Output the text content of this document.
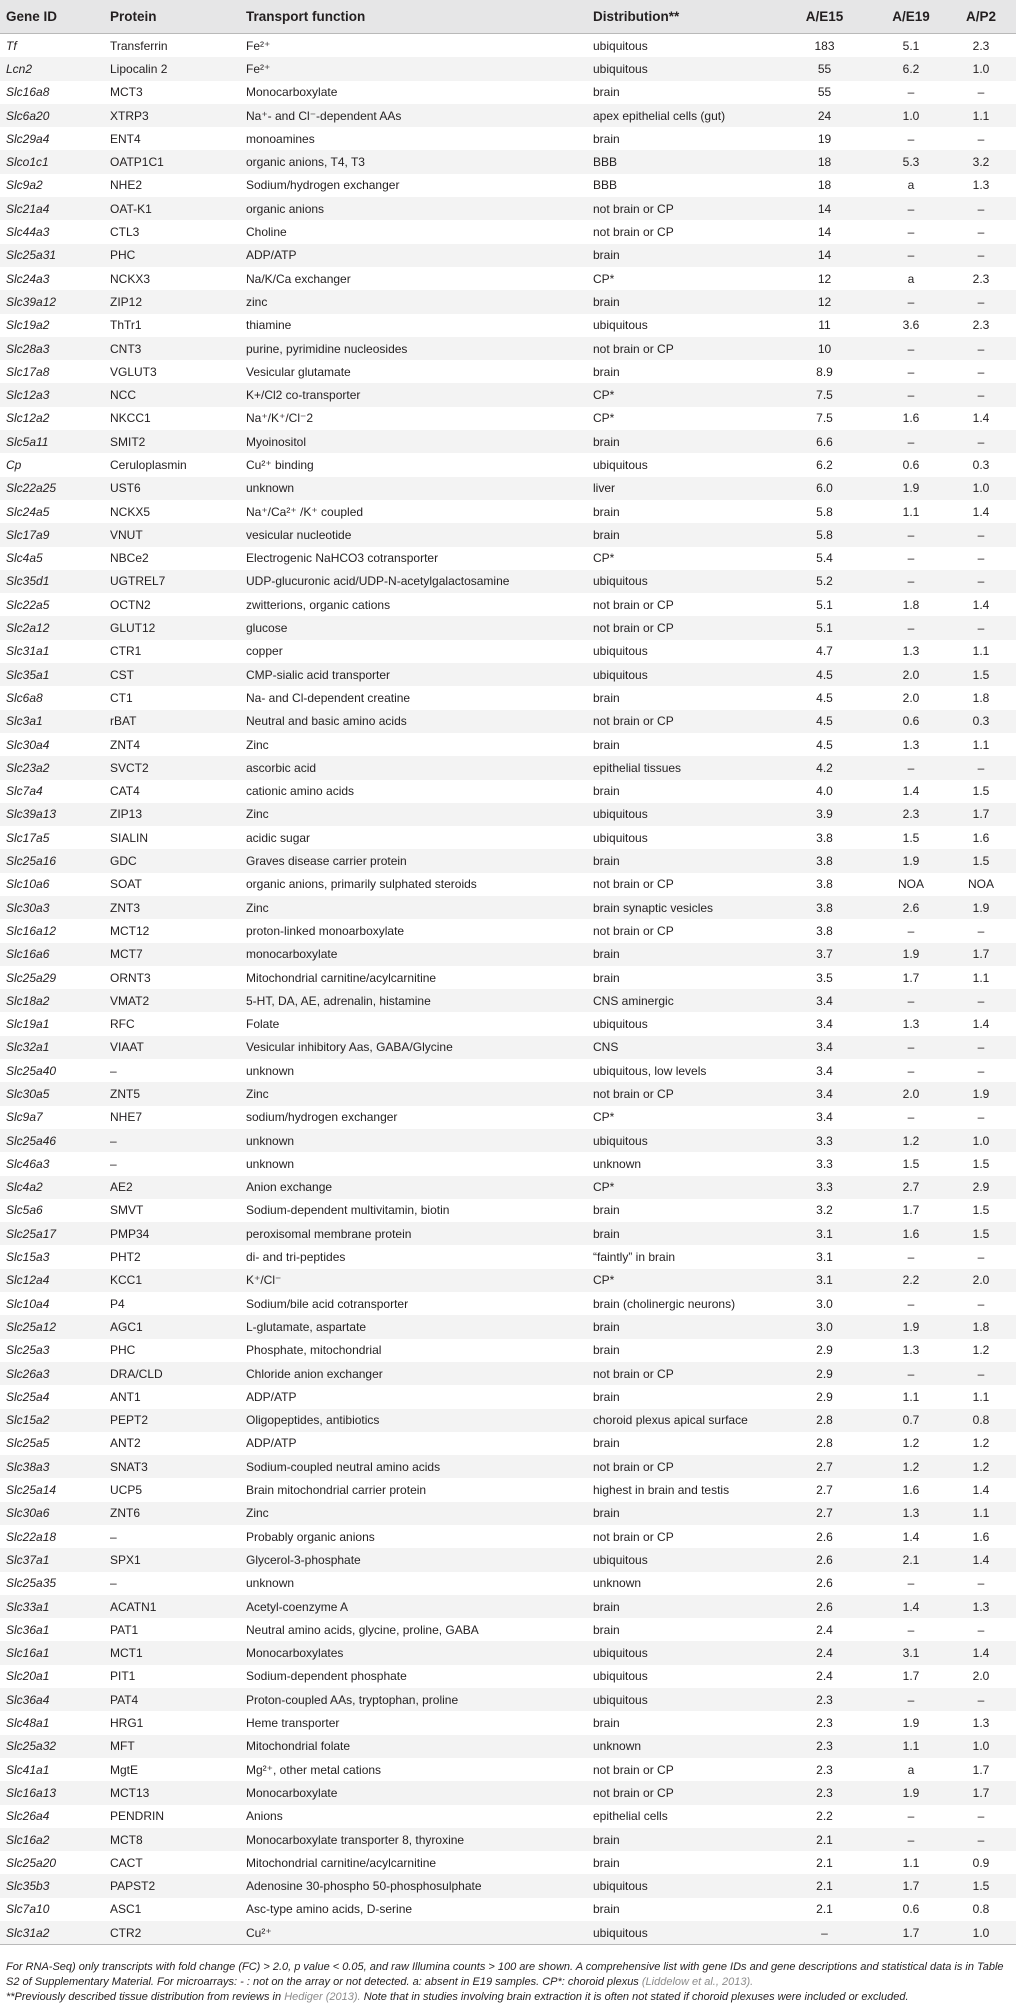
Gene ID	Protein	Transport function	Distribution**	A/E15	A/E19	A/P2
Tf	Transferrin	Fe²⁺	ubiquitous	183	5.1	2.3
Lcn2	Lipocalin 2	Fe²⁺	ubiquitous	55	6.2	1.0
Slc16a8	MCT3	Monocarboxylate	brain	55	–	–
Slc6a20	XTRP3	Na⁺- and Cl⁻-dependent AAs	apex epithelial cells (gut)	24	1.0	1.1
Slc29a4	ENT4	monoamines	brain	19	–	–
Slco1c1	OATP1C1	organic anions, T4, T3	BBB	18	5.3	3.2
Slc9a2	NHE2	Sodium/hydrogen exchanger	BBB	18	a	1.3
Slc21a4	OAT-K1	organic anions	not brain or CP	14	–	–
Slc44a3	CTL3	Choline	not brain or CP	14	–	–
Slc25a31	PHC	ADP/ATP	brain	14	–	–
Slc24a3	NCKX3	Na/K/Ca exchanger	CP*	12	a	2.3
Slc39a12	ZIP12	zinc	brain	12	–	–
Slc19a2	ThTr1	thiamine	ubiquitous	11	3.6	2.3
Slc28a3	CNT3	purine, pyrimidine nucleosides	not brain or CP	10	–	–
Slc17a8	VGLUT3	Vesicular glutamate	brain	8.9	–	–
Slc12a3	NCC	K+/Cl2 co-transporter	CP*	7.5	–	–
Slc12a2	NKCC1	Na⁺/K⁺/Cl⁻2	CP*	7.5	1.6	1.4
Slc5a11	SMIT2	Myoinositol	brain	6.6	–	–
Cp	Ceruloplasmin	Cu²⁺ binding	ubiquitous	6.2	0.6	0.3
Slc22a25	UST6	unknown	liver	6.0	1.9	1.0
Slc24a5	NCKX5	Na⁺/Ca²⁺ /K⁺ coupled	brain	5.8	1.1	1.4
Slc17a9	VNUT	vesicular nucleotide	brain	5.8	–	–
Slc4a5	NBCe2	Electrogenic NaHCO3 cotransporter	CP*	5.4	–	–
Slc35d1	UGTREL7	UDP-glucuronic acid/UDP-N-acetylgalactosamine	ubiquitous	5.2	–	–
Slc22a5	OCTN2	zwitterions, organic cations	not brain or CP	5.1	1.8	1.4
Slc2a12	GLUT12	glucose	not brain or CP	5.1	–	–
Slc31a1	CTR1	copper	ubiquitous	4.7	1.3	1.1
Slc35a1	CST	CMP-sialic acid transporter	ubiquitous	4.5	2.0	1.5
Slc6a8	CT1	Na- and Cl-dependent creatine	brain	4.5	2.0	1.8
Slc3a1	rBAT	Neutral and basic amino acids	not brain or CP	4.5	0.6	0.3
Slc30a4	ZNT4	Zinc	brain	4.5	1.3	1.1
Slc23a2	SVCT2	ascorbic acid	epithelial tissues	4.2	–	–
Slc7a4	CAT4	cationic amino acids	brain	4.0	1.4	1.5
Slc39a13	ZIP13	Zinc	ubiquitous	3.9	2.3	1.7
Slc17a5	SIALIN	acidic sugar	ubiquitous	3.8	1.5	1.6
Slc25a16	GDC	Graves disease carrier protein	brain	3.8	1.9	1.5
Slc10a6	SOAT	organic anions, primarily sulphated steroids	not brain or CP	3.8	NOA	NOA
Slc30a3	ZNT3	Zinc	brain synaptic vesicles	3.8	2.6	1.9
Slc16a12	MCT12	proton-linked monoarboxylate	not brain or CP	3.8	–	–
Slc16a6	MCT7	monocarboxylate	brain	3.7	1.9	1.7
Slc25a29	ORNT3	Mitochondrial carnitine/acylcarnitine	brain	3.5	1.7	1.1
Slc18a2	VMAT2	5-HT, DA, AE, adrenalin, histamine	CNS aminergic	3.4	–	–
Slc19a1	RFC	Folate	ubiquitous	3.4	1.3	1.4
Slc32a1	VIAAT	Vesicular inhibitory Aas, GABA/Glycine	CNS	3.4	–	–
Slc25a40	–	unknown	ubiquitous, low levels	3.4	–	–
Slc30a5	ZNT5	Zinc	not brain or CP	3.4	2.0	1.9
Slc9a7	NHE7	sodium/hydrogen exchanger	CP*	3.4	–	–
Slc25a46	–	unknown	ubiquitous	3.3	1.2	1.0
Slc46a3	–	unknown	unknown	3.3	1.5	1.5
Slc4a2	AE2	Anion exchange	CP*	3.3	2.7	2.9
Slc5a6	SMVT	Sodium-dependent multivitamin, biotin	brain	3.2	1.7	1.5
Slc25a17	PMP34	peroxisomal membrane protein	brain	3.1	1.6	1.5
Slc15a3	PHT2	di- and tri-peptides	“faintly” in brain	3.1	–	–
Slc12a4	KCC1	K⁺/Cl⁻	CP*	3.1	2.2	2.0
Slc10a4	P4	Sodium/bile acid cotransporter	brain (cholinergic neurons)	3.0	–	–
Slc25a12	AGC1	L-glutamate, aspartate	brain	3.0	1.9	1.8
Slc25a3	PHC	Phosphate, mitochondrial	brain	2.9	1.3	1.2
Slc26a3	DRA/CLD	Chloride anion exchanger	not brain or CP	2.9	–	–
Slc25a4	ANT1	ADP/ATP	brain	2.9	1.1	1.1
Slc15a2	PEPT2	Oligopeptides, antibiotics	choroid plexus apical surface	2.8	0.7	0.8
Slc25a5	ANT2	ADP/ATP	brain	2.8	1.2	1.2
Slc38a3	SNAT3	Sodium-coupled neutral amino acids	not brain or CP	2.7	1.2	1.2
Slc25a14	UCP5	Brain mitochondrial carrier protein	highest in brain and testis	2.7	1.6	1.4
Slc30a6	ZNT6	Zinc	brain	2.7	1.3	1.1
Slc22a18	–	Probably organic anions	not brain or CP	2.6	1.4	1.6
Slc37a1	SPX1	Glycerol-3-phosphate	ubiquitous	2.6	2.1	1.4
Slc25a35	–	unknown	unknown	2.6	–	–
Slc33a1	ACATN1	Acetyl-coenzyme A	brain	2.6	1.4	1.3
Slc36a1	PAT1	Neutral amino acids, glycine, proline, GABA	brain	2.4	–	–
Slc16a1	MCT1	Monocarboxylates	ubiquitous	2.4	3.1	1.4
Slc20a1	PIT1	Sodium-dependent phosphate	ubiquitous	2.4	1.7	2.0
Slc36a4	PAT4	Proton-coupled AAs, tryptophan, proline	ubiquitous	2.3	–	–
Slc48a1	HRG1	Heme transporter	brain	2.3	1.9	1.3
Slc25a32	MFT	Mitochondrial folate	unknown	2.3	1.1	1.0
Slc41a1	MgtE	Mg²⁺, other metal cations	not brain or CP	2.3	a	1.7
Slc16a13	MCT13	Monocarboxylate	not brain or CP	2.3	1.9	1.7
Slc26a4	PENDRIN	Anions	epithelial cells	2.2	–	–
Slc16a2	MCT8	Monocarboxylate transporter 8, thyroxine	brain	2.1	–	–
Slc25a20	CACT	Mitochondrial carnitine/acylcarnitine	brain	2.1	1.1	0.9
Slc35b3	PAPST2	Adenosine 30-phospho 50-phosphosulphate	ubiquitous	2.1	1.7	1.5
Slc7a10	ASC1	Asc-type amino acids, D-serine	brain	2.1	0.6	0.8
Slc31a2	CTR2	Cu²⁺	ubiquitous	–	1.7	1.0

For RNA-Seq) only transcripts with fold change (FC) > 2.0, p value < 0.05, and raw Illumina counts > 100 are shown. A comprehensive list with gene IDs and gene descriptions and statistical data is in Table S2 of Supplementary Material. For microarrays: - : not on the array or not detected. a: absent in E19 samples. CP*: choroid plexus (Liddelow et al., 2013).

**Previously described tissue distribution from reviews in Hediger (2013). Note that in studies involving brain extraction it is often not stated if choroid plexuses were included or excluded.
